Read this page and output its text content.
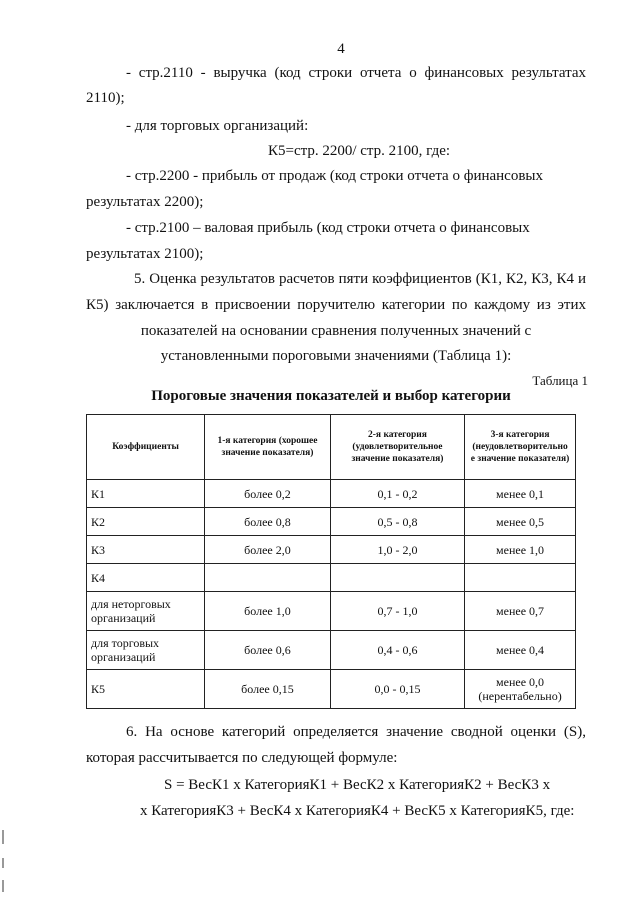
4
- стр.2110 - выручка (код строки отчета о финансовых результатах
2110);
- для торговых организаций:
К5=стр. 2200/ стр. 2100, где:
- стр.2200 - прибыль от продаж (код строки отчета о финансовых
результатах 2200);
- стр.2100 – валовая прибыль (код строки отчета о финансовых
результатах 2100);
5. Оценка результатов расчетов пяти коэффициентов (К1, К2, К3, К4 и
К5) заключается в присвоении поручителю категории по каждому из этих
показателей на основании сравнения полученных значений с
установленными пороговыми значениями (Таблица 1):
Таблица 1
Пороговые значения показателей и выбор категории
Коэффициенты	1-я категория (хорошее значение показателя)	2-я категория (удовлетворительное значение показателя)	3-я категория (неудовлетворительно е значение показателя)
К1	более 0,2	0,1 - 0,2	менее 0,1
К2	более 0,8	0,5 - 0,8	менее 0,5
К3	более 2,0	1,0 - 2,0	менее 1,0
К4			
для неторговых организаций	более 1,0	0,7 - 1,0	менее 0,7
для торговых организаций	более 0,6	0,4 - 0,6	менее 0,4
К5	более 0,15	0,0 - 0,15	менее 0,0 (нерентабельно)
6. На основе категорий определяется значение сводной оценки (S),
которая рассчитывается по следующей формуле:
S = ВесК1 х КатегорияК1 + ВесК2 х КатегорияК2 + ВесК3 х
х КатегорияК3 + ВесК4 х КатегорияК4 + ВесК5 х КатегорияК5, где:
